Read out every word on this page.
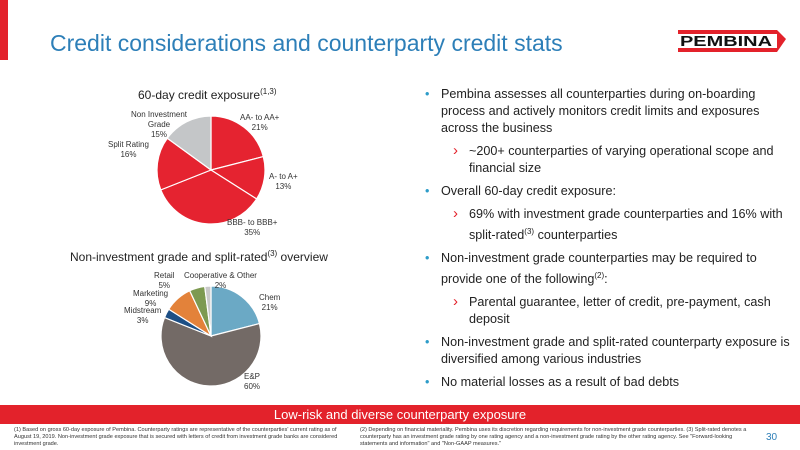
Credit considerations and counterparty credit stats	PEMBINA
60-day credit exposure$^{(1,3)}$
AA- to AA+
21%
A- to A+
13%
BBB- to BBB+
35%
Split Rating
16%
Non Investment Grade
15%
Non-investment grade and split-rated$^{(3)}$ overview
Chem
21%
E&P
60%
Midstream
3%
Marketing
9%
Retail
5%
Cooperative & Other
2%
• Pembina assesses all counterparties during on-boarding process and actively monitors credit limits and exposures across the business
› ~200+ counterparties of varying operational scope and financial size
• Overall 60-day credit exposure:
› 69% with investment grade counterparties and 16% with split-rated$^{(3)}$ counterparties
• Non-investment grade counterparties may be required to provide one of the following$^{(2)}$:
› Parental guarantee, letter of credit, pre-payment, cash deposit
• Non-investment grade and split-rated counterparty exposure is diversified among various industries
• No material losses as a result of bad debts
Low-risk and diverse counterparty exposure
(1) Based on gross 60-day exposure of Pembina. Counterparty ratings are representative of the counterparties' current rating as of August 19, 2019. Non-investment grade exposure that is secured with letters of credit from investment grade banks are considered investment grade.
(2) Depending on financial materiality. Pembina uses its discretion regarding requirements for non-investment grade counterparties. (3) Split-rated denotes a counterparty has an investment grade rating by one rating agency and a non-investment grade rating by the other rating agency. See "Forward-looking statements and information" and "Non-GAAP measures."
30
